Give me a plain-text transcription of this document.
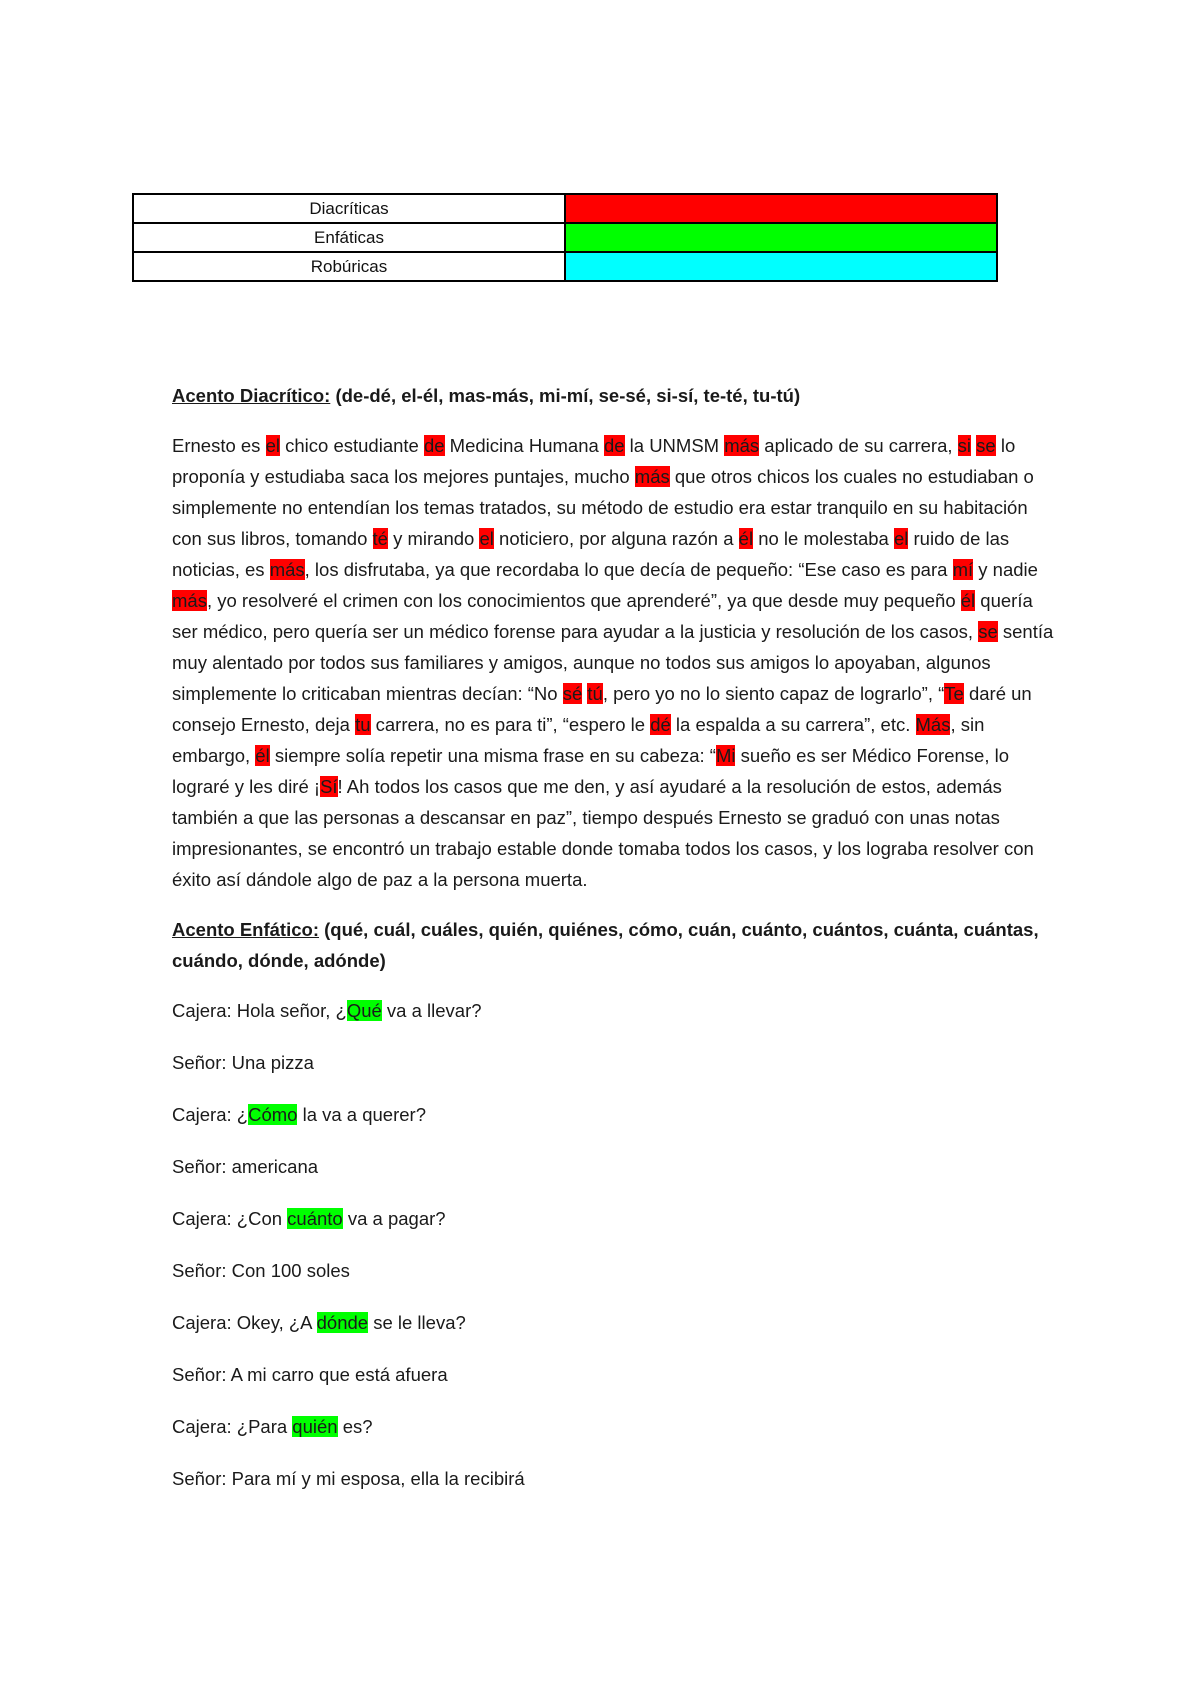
Diacríticas
Enfáticas
Robúricas
Acento Diacrítico: (de-dé, el-él, mas-más, mi-mí, se-sé, si-sí, te-té, tu-tú)
Ernesto es el chico estudiante de Medicina Humana de la UNMSM más aplicado de su carrera, si se lo proponía y estudiaba saca los mejores puntajes, mucho más que otros chicos los cuales no estudiaban o simplemente no entendían los temas tratados, su método de estudio era estar tranquilo en su habitación con sus libros, tomando té y mirando el noticiero, por alguna razón a él no le molestaba el ruido de las noticias, es más, los disfrutaba, ya que recordaba lo que decía de pequeño: “Ese caso es para mí y nadie más, yo resolveré el crimen con los conocimientos que aprenderé”, ya que desde muy pequeño él quería ser médico, pero quería ser un médico forense para ayudar a la justicia y resolución de los casos, se sentía muy alentado por todos sus familiares y amigos, aunque no todos sus amigos lo apoyaban, algunos simplemente lo criticaban mientras decían: “No sé tú, pero yo no lo siento capaz de lograrlo”, “Te daré un consejo Ernesto, deja tu carrera, no es para ti”, “espero le dé la espalda a su carrera”, etc. Más, sin embargo, él siempre solía repetir una misma frase en su cabeza: “Mi sueño es ser Médico Forense, lo lograré y les diré ¡Sí! Ah todos los casos que me den, y así ayudaré a la resolución de estos, además también a que las personas a descansar en paz”, tiempo después Ernesto se graduó con unas notas impresionantes, se encontró un trabajo estable donde tomaba todos los casos, y los lograba resolver con éxito así dándole algo de paz a la persona muerta.
Acento Enfático: (qué, cuál, cuáles, quién, quiénes, cómo, cuán, cuánto, cuántos, cuánta, cuántas, cuándo, dónde, adónde)
Cajera: Hola señor, ¿Qué va a llevar?
Señor: Una pizza
Cajera: ¿Cómo la va a querer?
Señor: americana
Cajera: ¿Con cuánto va a pagar?
Señor: Con 100 soles
Cajera: Okey, ¿A dónde se le lleva?
Señor: A mi carro que está afuera
Cajera: ¿Para quién es?
Señor: Para mí y mi esposa, ella la recibirá
